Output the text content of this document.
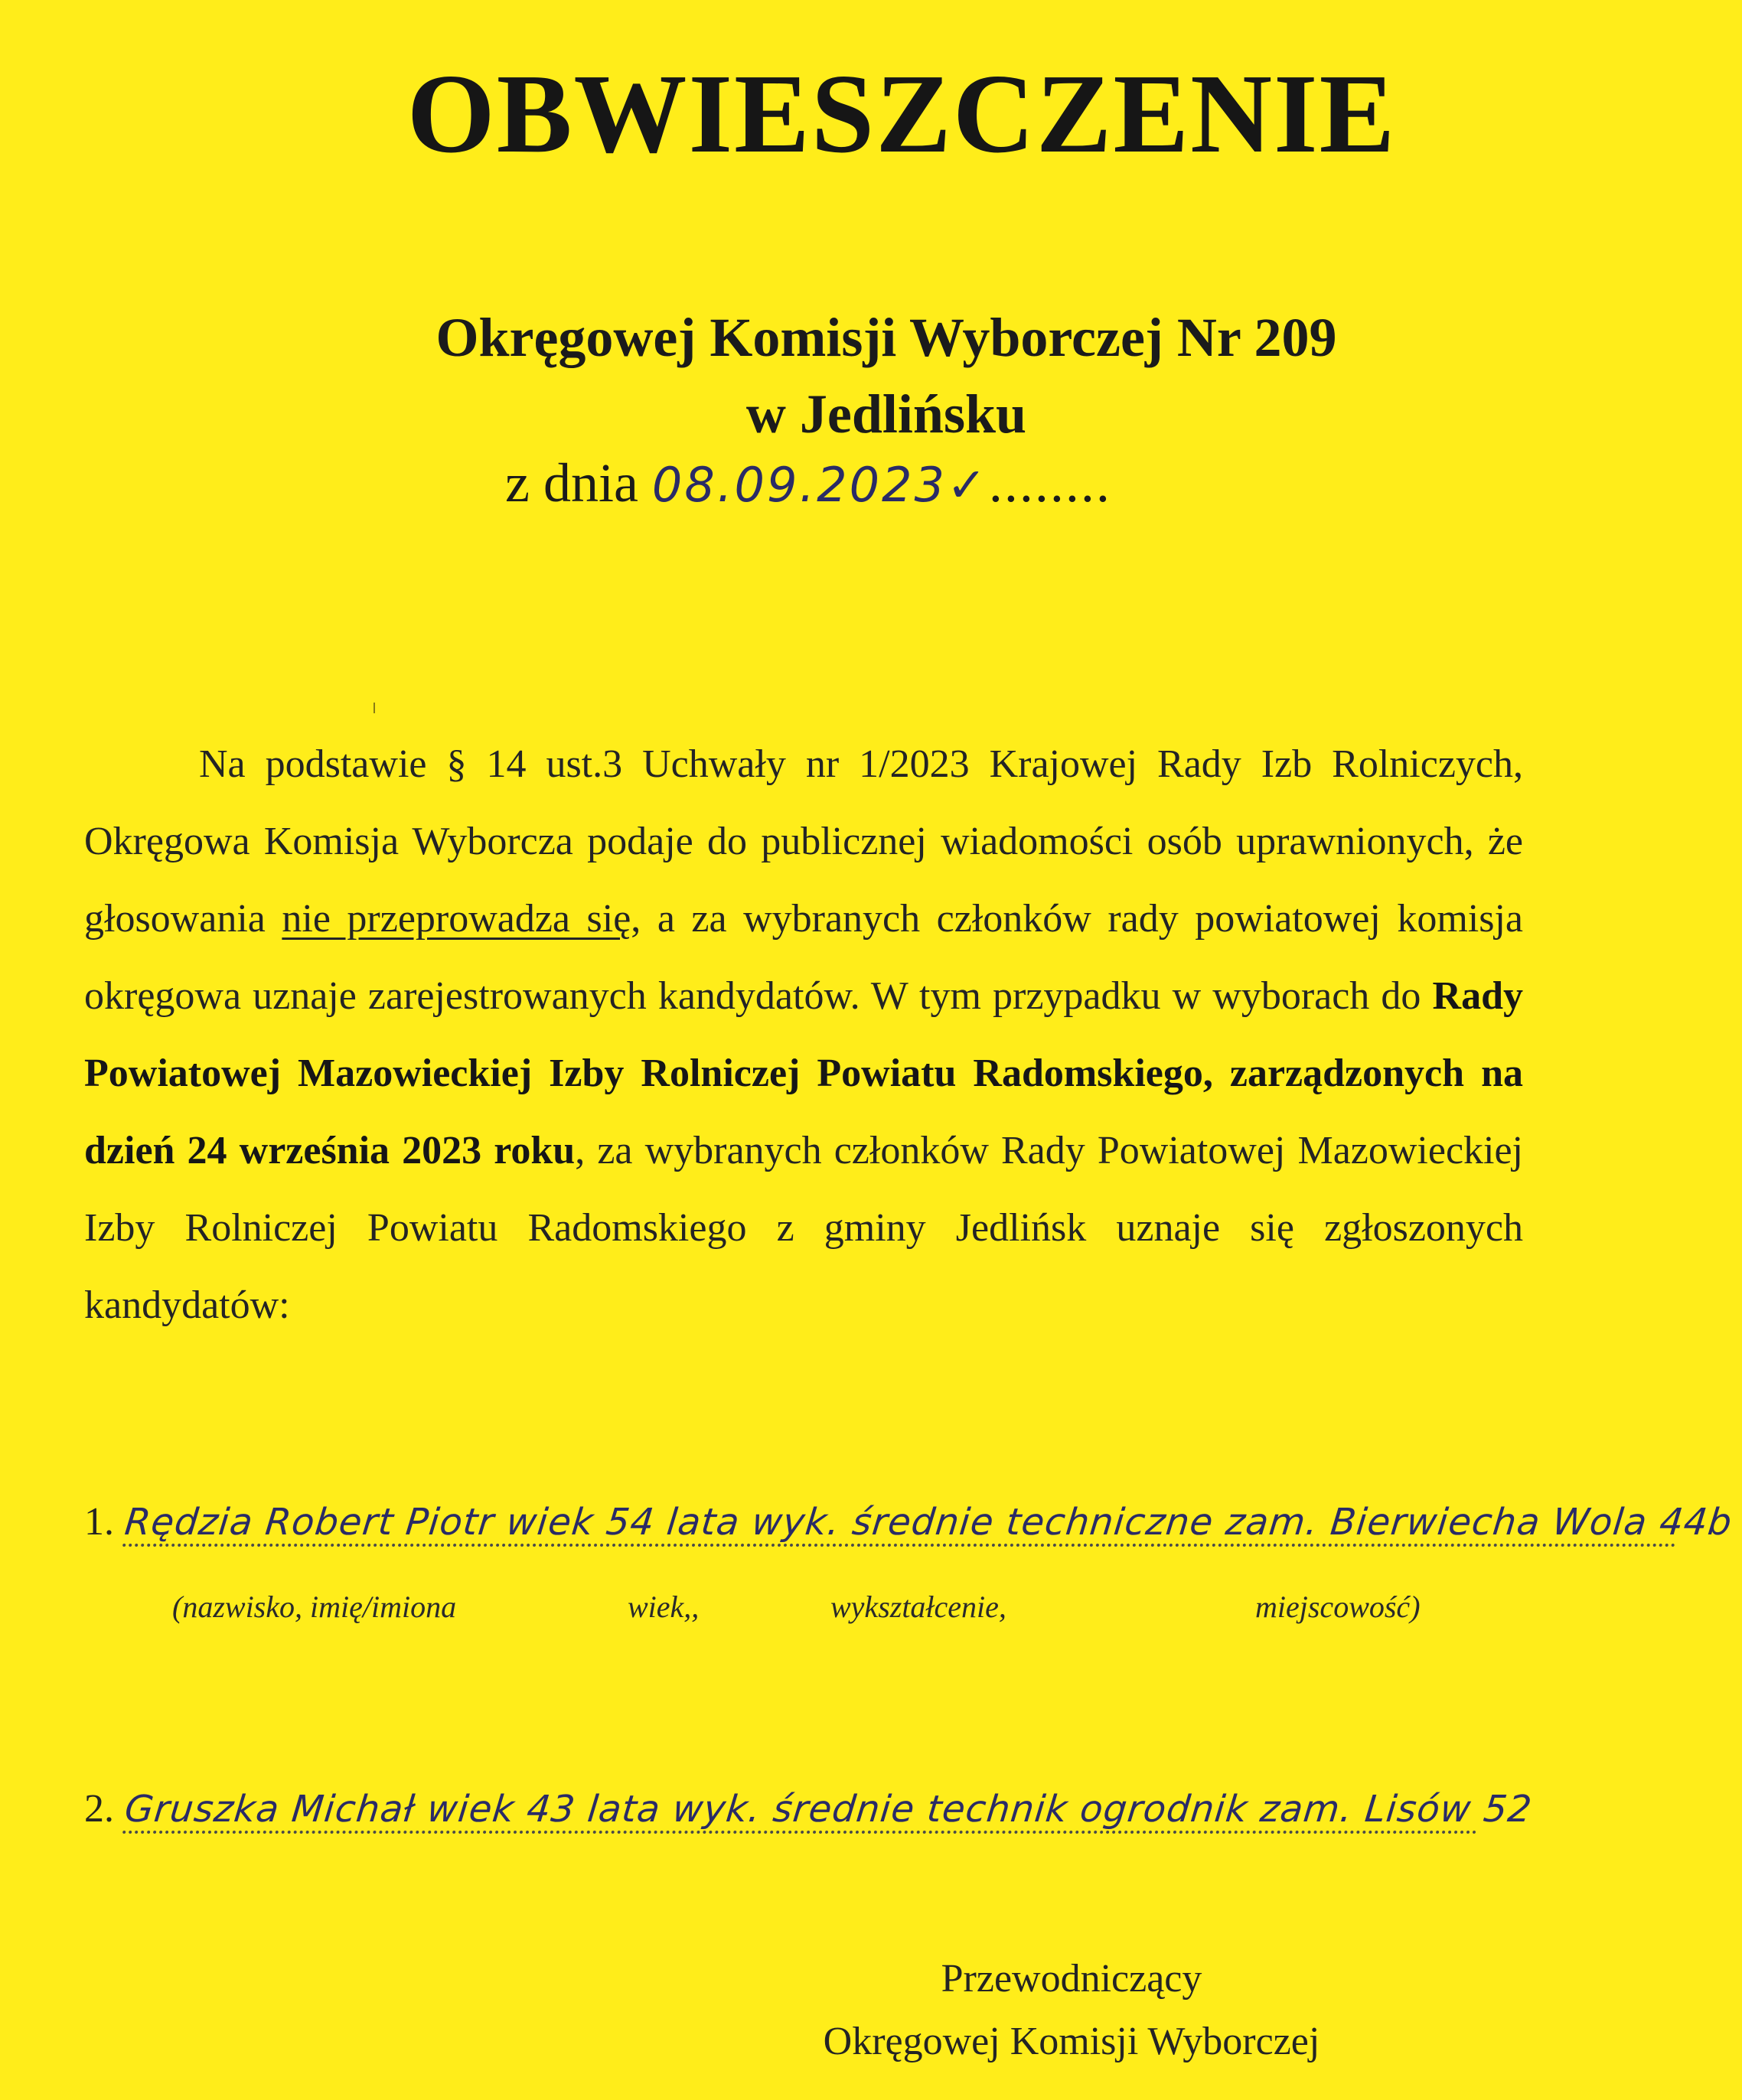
OBWIESZCZENIE
Okręgowej Komisji Wyborczej Nr 209
w Jedlińsku
z dnia 08.09.2023✓........

Na podstawie § 14 ust.3 Uchwały nr 1/2023 Krajowej Rady Izb Rolniczych, Okręgowa Komisja Wyborcza podaje do publicznej wiadomości osób uprawnionych, że głosowania nie przeprowadza się, a za wybranych członków rady powiatowej komisja okręgowa uznaje zarejestrowanych kandydatów. W tym przypadku w wyborach do Rady Powiatowej Mazowieckiej Izby Rolniczej Powiatu Radomskiego, zarządzonych na dzień 24 września 2023 roku, za wybranych członków Rady Powiatowej Mazowieckiej Izby Rolniczej Powiatu Radomskiego z gminy Jedlińsk uznaje się zgłoszonych kandydatów:

1. Rędzia Robert Piotr wiek 54 lata wyk. średnie techniczne zam. Bierwiecha Wola 44b
(nazwisko, imię/imiona	wiek,,	wykształcenie,	miejscowość)
2. Gruszka Michał wiek 43 lata wyk. średnie technik ogrodnik zam. Lisów 52
Przewodniczący
Okręgowej Komisji Wyborczej
